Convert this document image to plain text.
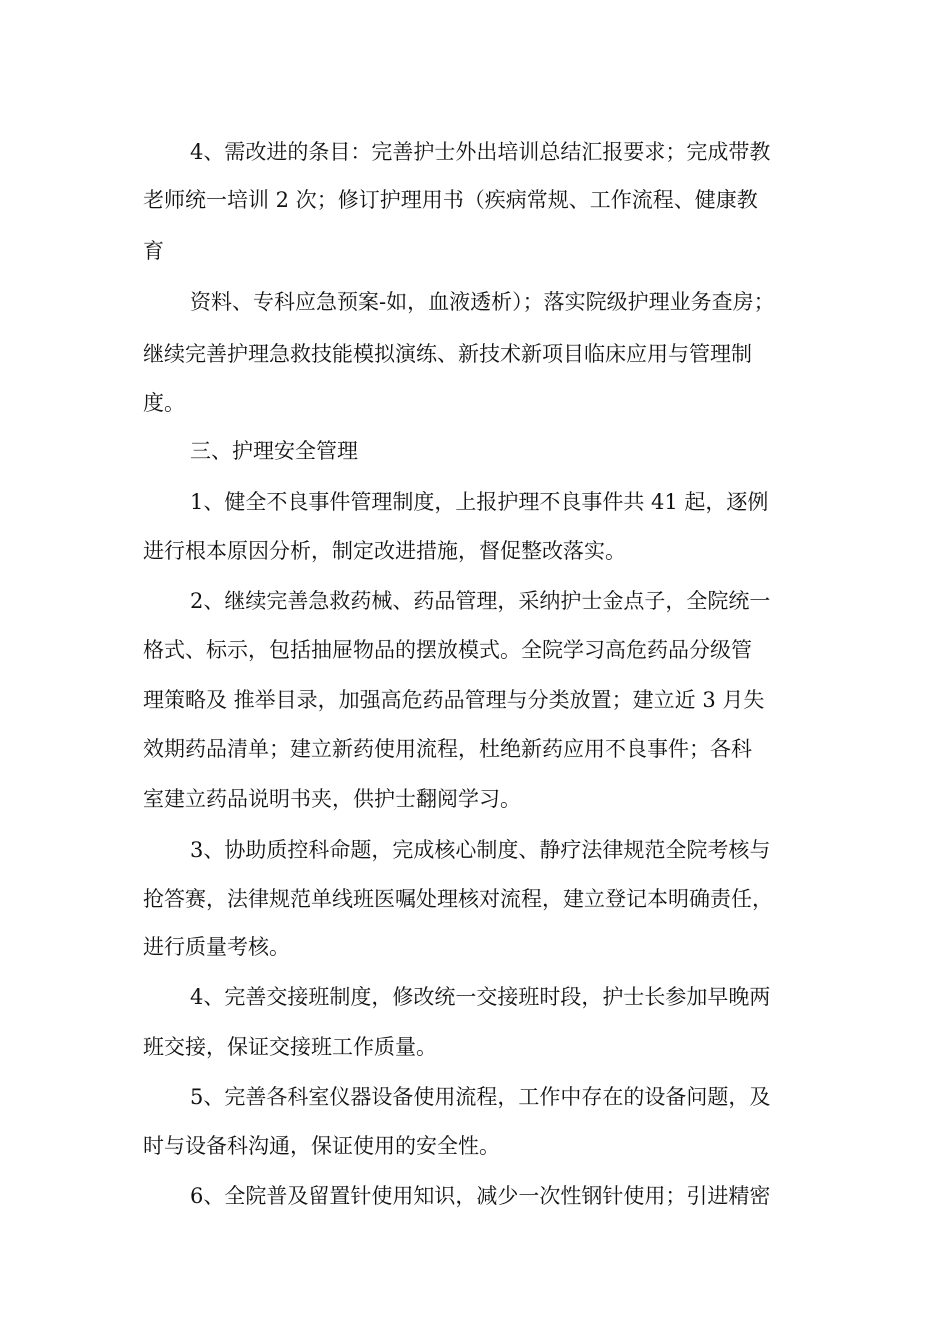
4、需改进的条目：完善护士外出培训总结汇报要求；完成带教
老师统一培训 2 次；修订护理用书（疾病常规、工作流程、健康教
育
资料、专科应急预案-如，血液透析）；落实院级护理业务查房；
继续完善护理急救技能模拟演练、新技术新项目临床应用与管理制
度。
三、护理安全管理
1、健全不良事件管理制度，上报护理不良事件共 41 起，逐例
进行根本原因分析，制定改进措施，督促整改落实。
2、继续完善急救药械、药品管理，采纳护士金点子，全院统一
格式、标示，包括抽屉物品的摆放模式。全院学习高危药品分级管
理策略及 推举目录，加强高危药品管理与分类放置；建立近 3 月失
效期药品清单；建立新药使用流程，杜绝新药应用不良事件；各科
室建立药品说明书夹，供护士翻阅学习。
3、协助质控科命题，完成核心制度、静疗法律规范全院考核与
抢答赛，法律规范单线班医嘱处理核对流程，建立登记本明确责任，
进行质量考核。
4、完善交接班制度，修改统一交接班时段，护士长参加早晚两
班交接，保证交接班工作质量。
5、完善各科室仪器设备使用流程，工作中存在的设备问题，及
时与设备科沟通，保证使用的安全性。
6、全院普及留置针使用知识，减少一次性钢针使用；引进精密
